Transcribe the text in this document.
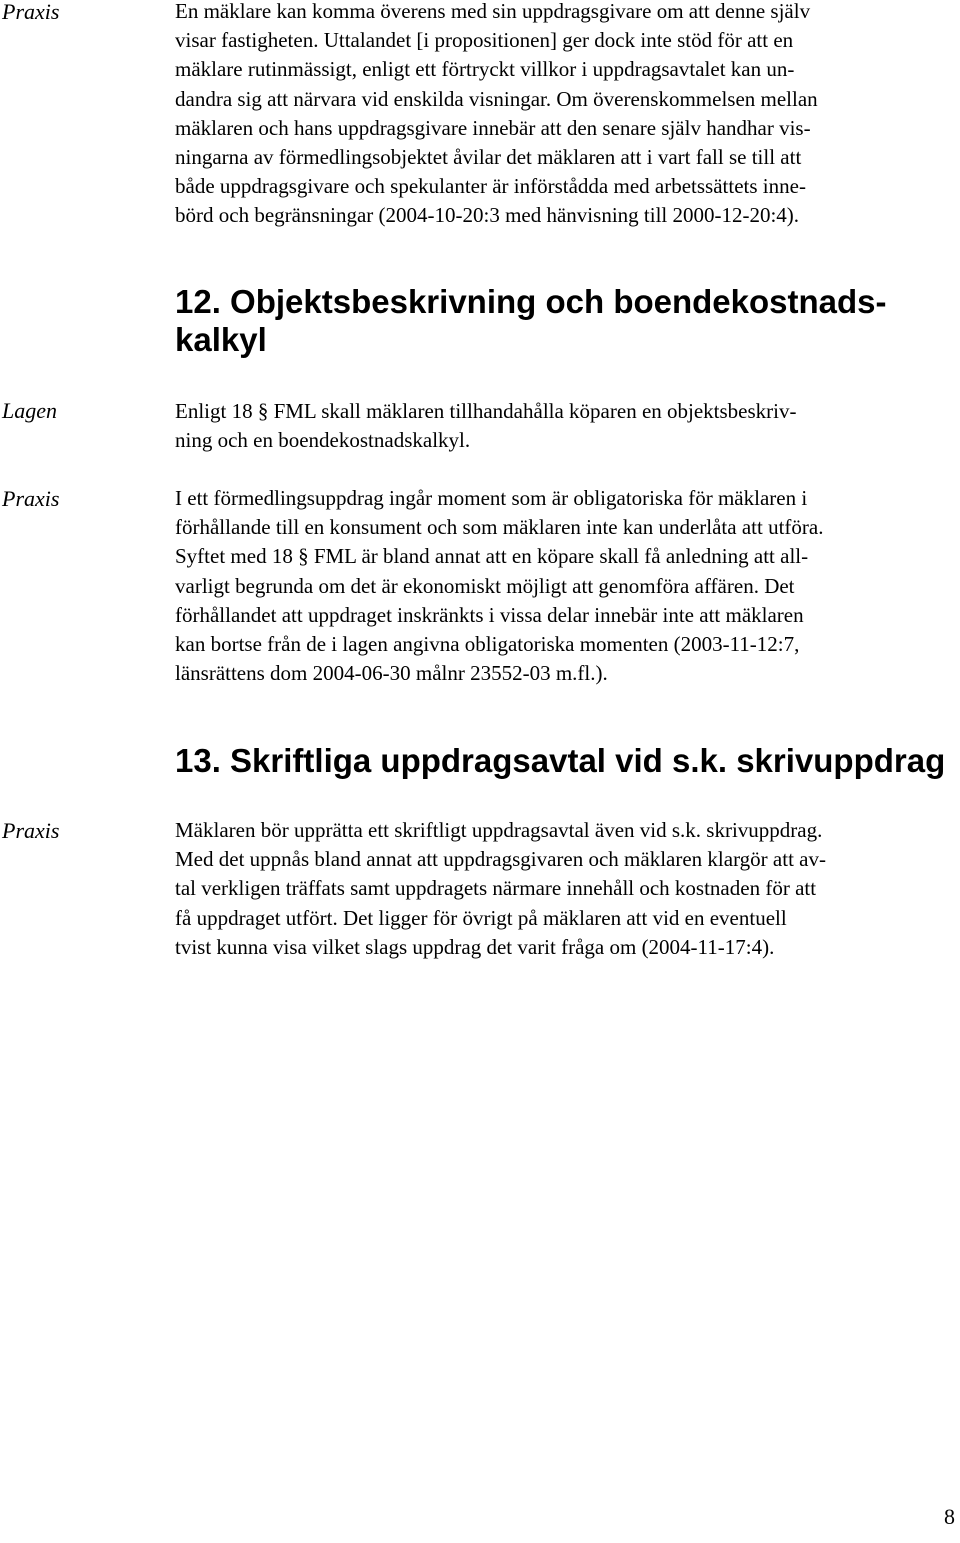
Praxis	En mäklare kan komma överens med sin uppdragsgivare om att denne själv
visar fastigheten. Uttalandet [i propositionen] ger dock inte stöd för att en
mäklare rutinmässigt, enligt ett förtryckt villkor i uppdragsavtalet kan un-
dandra sig att närvara vid enskilda visningar. Om överenskommelsen mellan
mäklaren och hans uppdragsgivare innebär att den senare själv handhar vis-
ningarna av förmedlingsobjektet åvilar det mäklaren att i vart fall se till att
både uppdragsgivare och spekulanter är införstådda med arbetssättets inne-
börd och begränsningar (2004-10-20:3 med hänvisning till 2000-12-20:4).
12. Objektsbeskrivning och boendekostnads-
kalkyl
Lagen	Enligt 18 § FML skall mäklaren tillhandahålla köparen en objektsbeskriv-
ning och en boendekostnadskalkyl.
Praxis	I ett förmedlingsuppdrag ingår moment som är obligatoriska för mäklaren i
förhållande till en konsument och som mäklaren inte kan underlåta att utföra.
Syftet med 18 § FML är bland annat att en köpare skall få anledning att all-
varligt begrunda om det är ekonomiskt möjligt att genomföra affären. Det
förhållandet att uppdraget inskränkts i vissa delar innebär inte att mäklaren
kan bortse från de i lagen angivna obligatoriska momenten (2003-11-12:7,
länsrättens dom 2004-06-30 målnr 23552-03 m.fl.).
13. Skriftliga uppdragsavtal vid s.k. skrivuppdrag
Praxis	Mäklaren bör upprätta ett skriftligt uppdragsavtal även vid s.k. skrivuppdrag.
Med det uppnås bland annat att uppdragsgivaren och mäklaren klargör att av-
tal verkligen träffats samt uppdragets närmare innehåll och kostnaden för att
få uppdraget utfört. Det ligger för övrigt på mäklaren att vid en eventuell
tvist kunna visa vilket slags uppdrag det varit fråga om (2004-11-17:4).
8
